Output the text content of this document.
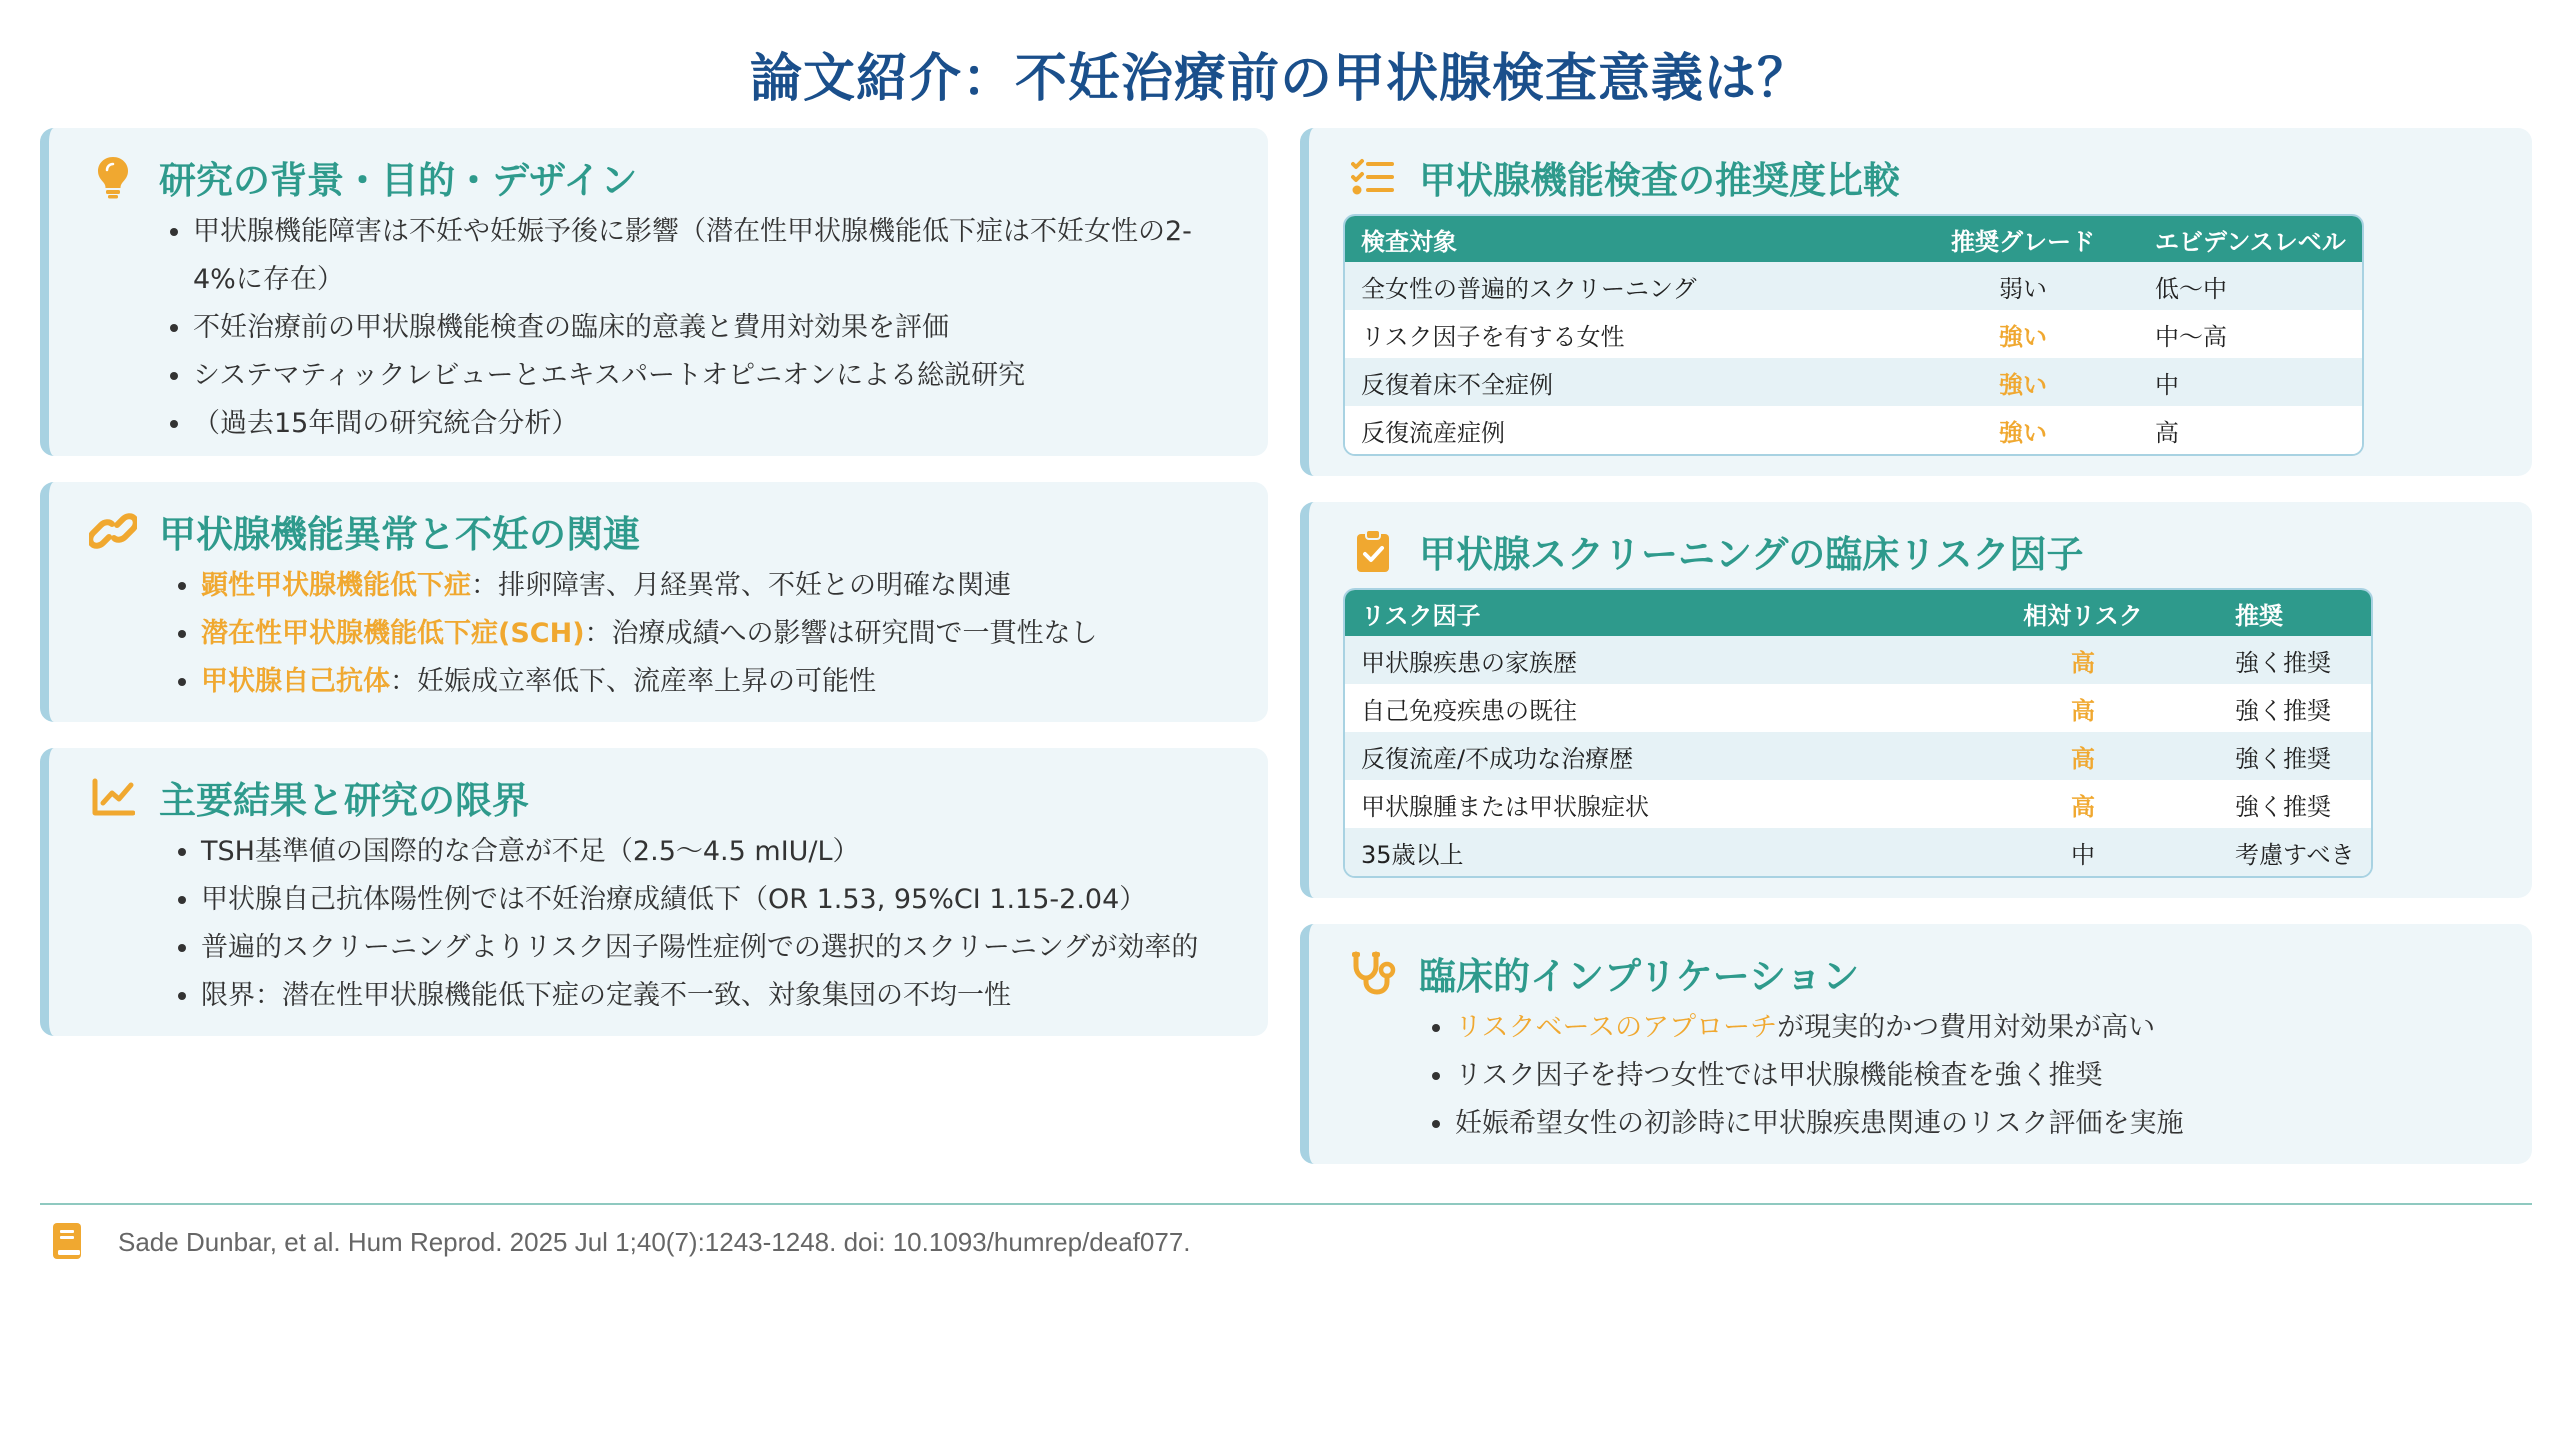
論文紹介：不妊治療前の甲状腺検査意義は？
研究の背景・目的・デザイン
• 甲状腺機能障害は不妊や妊娠予後に影響（潜在性甲状腺機能低下症は不妊女性の2-4%に存在）
• 不妊治療前の甲状腺機能検査の臨床的意義と費用対効果を評価
• システマティックレビューとエキスパートオピニオンによる総説研究
• （過去15年間の研究統合分析）
甲状腺機能異常と不妊の関連
• 顕性甲状腺機能低下症：排卵障害、月経異常、不妊との明確な関連
• 潜在性甲状腺機能低下症(SCH)：治療成績への影響は研究間で一貫性なし
• 甲状腺自己抗体：妊娠成立率低下、流産率上昇の可能性
主要結果と研究の限界
• TSH基準値の国際的な合意が不足（2.5〜4.5 mIU/L）
• 甲状腺自己抗体陽性例では不妊治療成績低下（OR 1.53, 95%CI 1.15-2.04）
• 普遍的スクリーニングよりリスク因子陽性症例での選択的スクリーニングが効率的
• 限界：潜在性甲状腺機能低下症の定義不一致、対象集団の不均一性
甲状腺機能検査の推奨度比較
検査対象	推奨グレード	エビデンスレベル
全女性の普遍的スクリーニング	弱い	低〜中
リスク因子を有する女性	強い	中〜高
反復着床不全症例	強い	中
反復流産症例	強い	高
甲状腺スクリーニングの臨床リスク因子
リスク因子	相対リスク	推奨
甲状腺疾患の家族歴	高	強く推奨
自己免疫疾患の既往	高	強く推奨
反復流産/不成功な治療歴	高	強く推奨
甲状腺腫または甲状腺症状	高	強く推奨
35歳以上	中	考慮すべき
臨床的インプリケーション
• リスクベースのアプローチが現実的かつ費用対効果が高い
• リスク因子を持つ女性では甲状腺機能検査を強く推奨
• 妊娠希望女性の初診時に甲状腺疾患関連のリスク評価を実施
Sade Dunbar, et al. Hum Reprod. 2025 Jul 1;40(7):1243-1248. doi: 10.1093/humrep/deaf077.
